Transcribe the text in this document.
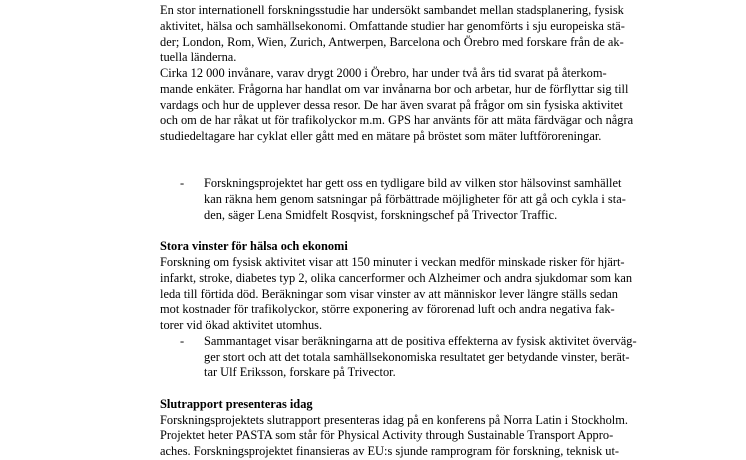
En stor internationell forskningsstudie har undersökt sambandet mellan stadsplanering, fysisk
aktivitet, hälsa och samhällsekonomi. Omfattande studier har genomförts i sju europeiska stä-
der; London, Rom, Wien, Zurich, Antwerpen, Barcelona och Örebro med forskare från de ak-
tuella länderna.
Cirka 12 000 invånare, varav drygt 2000 i Örebro, har under två års tid svarat på återkom-
mande enkäter. Frågorna har handlat om var invånarna bor och arbetar, hur de förflyttar sig till
vardags och hur de upplever dessa resor. De har även svarat på frågor om sin fysiska aktivitet
och om de har råkat ut för trafikolyckor m.m. GPS har använts för att mäta färdvägar och några
studiedeltagare har cyklat eller gått med en mätare på bröstet som mäter luftföroreningar.
- Forskningsprojektet har gett oss en tydligare bild av vilken stor hälsovinst samhället
kan räkna hem genom satsningar på förbättrade möjligheter för att gå och cykla i sta-
den, säger Lena Smidfelt Rosqvist, forskningschef på Trivector Traffic.
Stora vinster för hälsa och ekonomi
Forskning om fysisk aktivitet visar att 150 minuter i veckan medför minskade risker för hjärt-
infarkt, stroke, diabetes typ 2, olika cancerformer och Alzheimer och andra sjukdomar som kan
leda till förtida död. Beräkningar som visar vinster av att människor lever längre ställs sedan
mot kostnader för trafikolyckor, större exponering av förorenad luft och andra negativa fak-
torer vid ökad aktivitet utomhus.
- Sammantaget visar beräkningarna att de positiva effekterna av fysisk aktivitet överväg-
ger stort och att det totala samhällsekonomiska resultatet ger betydande vinster, berät-
tar Ulf Eriksson, forskare på Trivector.
Slutrapport presenteras idag
Forskningsprojektets slutrapport presenteras idag på en konferens på Norra Latin i Stockholm.
Projektet heter PASTA som står för Physical Activity through Sustainable Transport Appro-
aches. Forskningsprojektet finansieras av EU:s sjunde ramprogram för forskning, teknisk ut-
